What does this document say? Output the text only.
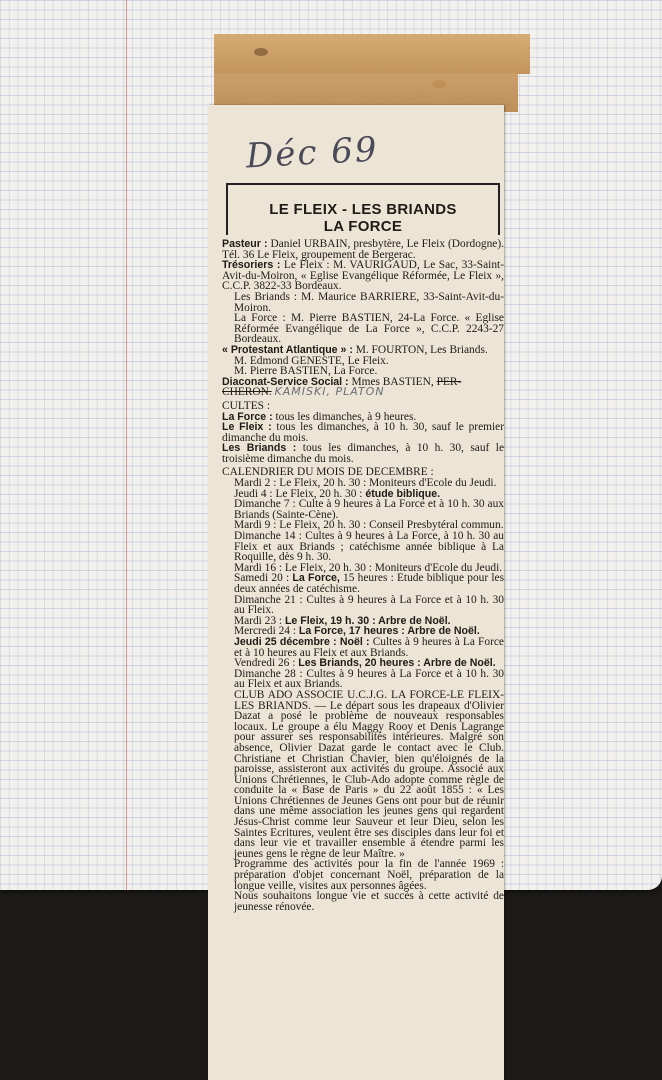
Déc 69
LE FLEIX - LES BRIANDS
LA FORCE

Pasteur : Daniel URBAIN, presbytère, Le Fleix (Dordogne). Tél. 36 Le Fleix, groupement de Bergerac.

Trésoriers : Le Fleix : M. VAURIGAUD, Le Sac, 33-Saint-Avit-du-Moiron, « Eglise Evangélique Réformée, Le Fleix », C.C.P. 3822-33 Bordeaux.

Les Briands : M. Maurice BARRIERE, 33-Saint-Avit-du-Moiron.

La Force : M. Pierre BASTIEN, 24-La Force. « Eglise Réformée Evangélique de La Force », C.C.P. 2243-27 Bordeaux.

« Protestant Atlantique » : M. FOURTON, Les Briands.

M. Edmond GENESTE, Le Fleix.

M. Pierre BASTIEN, La Force.

Diaconat-Service Social : Mmes BASTIEN, PER-
CHERON. KAMISKI, PLATON

CULTES :

La Force : tous les dimanches, à 9 heures.

Le Fleix : tous les dimanches, à 10 h. 30, sauf le premier dimanche du mois.

Les Briands : tous les dimanches, à 10 h. 30, sauf le troisième dimanche du mois.

CALENDRIER DU MOIS DE DECEMBRE :

Mardi 2 : Le Fleix, 20 h. 30 : Moniteurs d'Ecole du Jeudi.

Jeudi 4 : Le Fleix, 20 h. 30 : étude biblique.

Dimanche 7 : Culte à 9 heures à La Force et à 10 h. 30 aux Briands (Sainte-Cène).

Mardi 9 : Le Fleix, 20 h. 30 : Conseil Presbytéral commun.

Dimanche 14 : Cultes à 9 heures à La Force, à 10 h. 30 au Fleix et aux Briands ; catéchisme année biblique à La Roquille, dès 9 h. 30.

Mardi 16 : Le Fleix, 20 h. 30 : Moniteurs d'Ecole du Jeudi.

Samedi 20 : La Force, 15 heures : Etude biblique pour les deux années de catéchisme.

Dimanche 21 : Cultes à 9 heures à La Force et à 10 h. 30 au Fleix.

Mardi 23 : Le Fleix, 19 h. 30 : Arbre de Noël.

Mercredi 24 : La Force, 17 heures : Arbre de Noël.

Jeudi 25 décembre : Noël : Cultes à 9 heures à La Force et à 10 heures au Fleix et aux Briands.

Vendredi 26 : Les Briands, 20 heures : Arbre de Noël.

Dimanche 28 : Cultes à 9 heures à La Force et à 10 h. 30 au Fleix et aux Briands.

CLUB ADO ASSOCIE U.C.J.G. LA FORCE-LE FLEIX-LES BRIANDS. — Le départ sous les drapeaux d'Olivier Dazat a posé le problème de nouveaux responsables locaux. Le groupe a élu Maggy Rooy et Denis Lagrange pour assurer ses responsabilités intérieures. Malgré son absence, Olivier Dazat garde le contact avec le Club. Christiane et Christian Chavier, bien qu'éloignés de la paroisse, assisteront aux activités du groupe. Associé aux Unions Chrétiennes, le Club-Ado adopte comme règle de conduite la « Base de Paris » du 22 août 1855 : « Les Unions Chrétiennes de Jeunes Gens ont pour but de réunir dans une même association les jeunes gens qui regardent Jésus-Christ comme leur Sauveur et leur Dieu, selon les Saintes Ecritures, veulent être ses disciples dans leur foi et dans leur vie et travailler ensemble à étendre parmi les jeunes gens le règne de leur Maître. »

Programme des activités pour la fin de l'année 1969 : préparation d'objet concernant Noël, préparation de la longue veille, visites aux personnes âgées.

Nous souhaitons longue vie et succès à cette activité de jeunesse rénovée.
